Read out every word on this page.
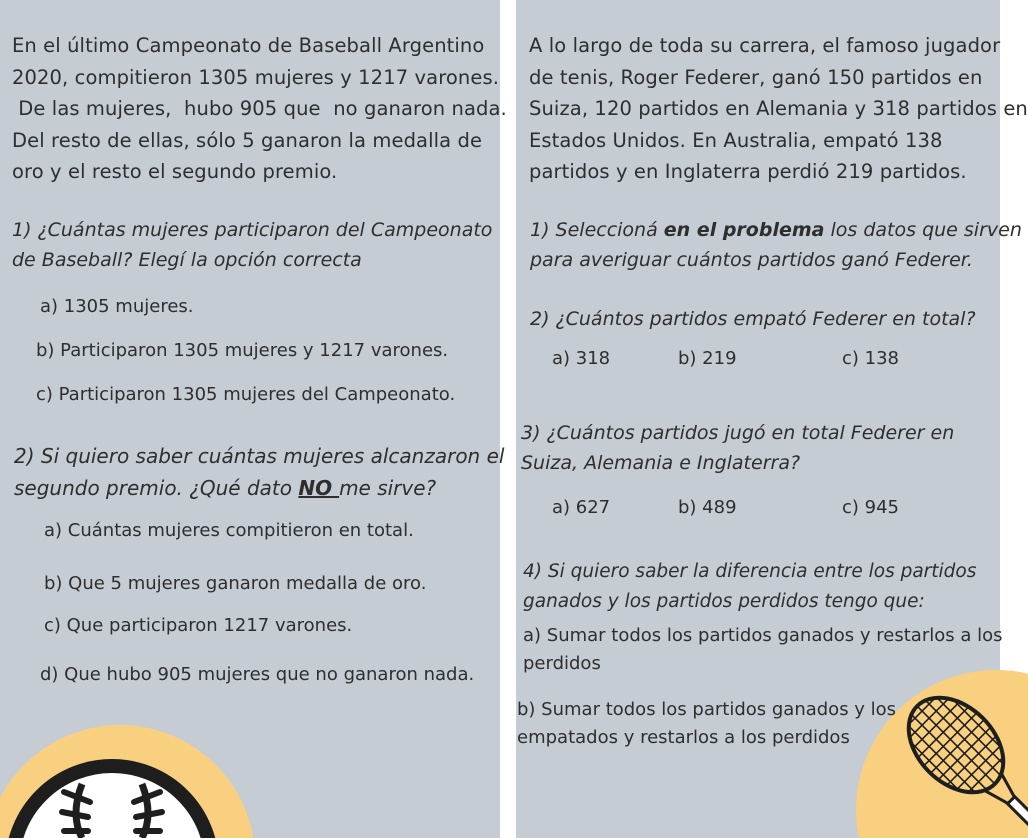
En el último Campeonato de Baseball Argentino
2020, compitieron 1305 mujeres y 1217 varones.
De las mujeres,  hubo 905 que  no ganaron nada.
Del resto de ellas, sólo 5 ganaron la medalla de
oro y el resto el segundo premio.
1) ¿Cuántas mujeres participaron del Campeonato
de Baseball? Elegí la opción correcta
a) 1305 mujeres.
b) Participaron 1305 mujeres y 1217 varones.
c) Participaron 1305 mujeres del Campeonato.
2) Si quiero saber cuántas mujeres alcanzaron el
segundo premio. ¿Qué dato NO me sirve?
a) Cuántas mujeres compitieron en total.
b) Que 5 mujeres ganaron medalla de oro.
c) Que participaron 1217 varones.
d) Que hubo 905 mujeres que no ganaron nada.
A lo largo de toda su carrera, el famoso jugador
de tenis, Roger Federer, ganó 150 partidos en
Suiza, 120 partidos en Alemania y 318 partidos en
Estados Unidos. En Australia, empató 138
partidos y en Inglaterra perdió 219 partidos.
1) Seleccioná en el problema los datos que sirven
para averiguar cuántos partidos ganó Federer.
2) ¿Cuántos partidos empató Federer en total?
a) 318	b) 219	c) 138
3) ¿Cuántos partidos jugó en total Federer en
Suiza, Alemania e Inglaterra?
a) 627	b) 489	c) 945
4) Si quiero saber la diferencia entre los partidos
ganados y los partidos perdidos tengo que:
a) Sumar todos los partidos ganados y restarlos a los
perdidos
b) Sumar todos los partidos ganados y los
empatados y restarlos a los perdidos
